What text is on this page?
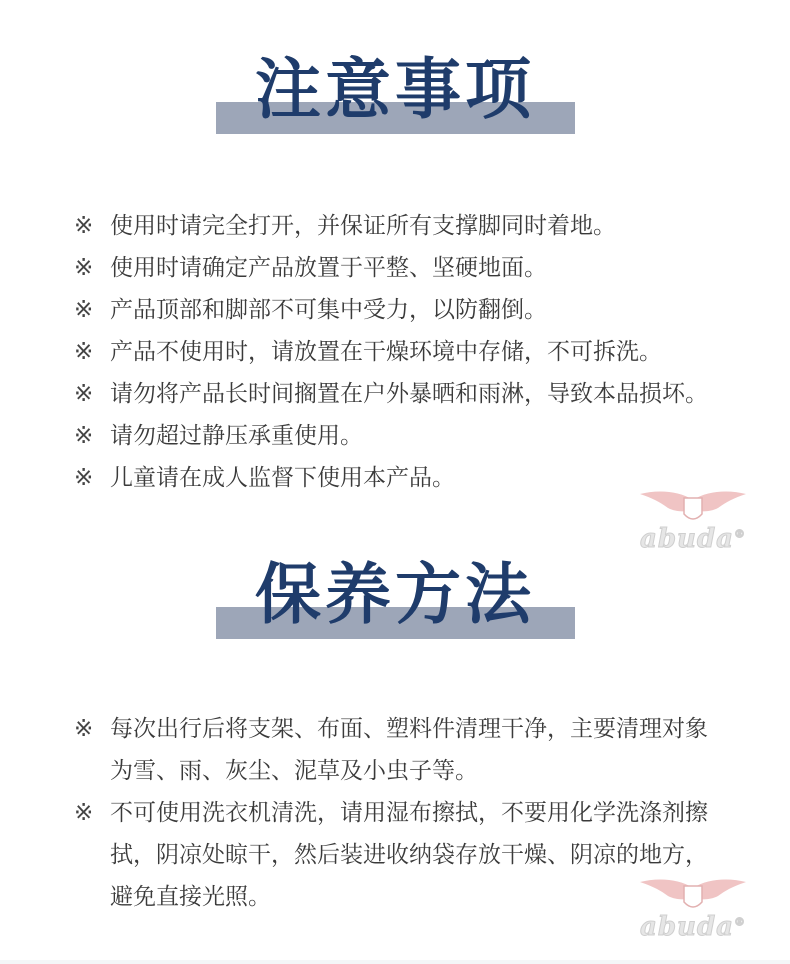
注意事项
※ 使用时请完全打开，并保证所有支撑脚同时着地。
※ 使用时请确定产品放置于平整、坚硬地面。
※ 产品顶部和脚部不可集中受力，以防翻倒。
※ 产品不使用时，请放置在干燥环境中存储，不可拆洗。
※ 请勿将产品长时间搁置在户外暴晒和雨淋，导致本品损坏。
※ 请勿超过静压承重使用。
※ 儿童请在成人监督下使用本产品。
abuda®
保养方法
※ 每次出行后将支架、布面、塑料件清理干净，主要清理对象为雪、雨、灰尘、泥草及小虫子等。
※ 不可使用洗衣机清洗，请用湿布擦拭，不要用化学洗涤剂擦拭，阴凉处晾干，然后装进收纳袋存放干燥、阴凉的地方，避免直接光照。
abuda®
